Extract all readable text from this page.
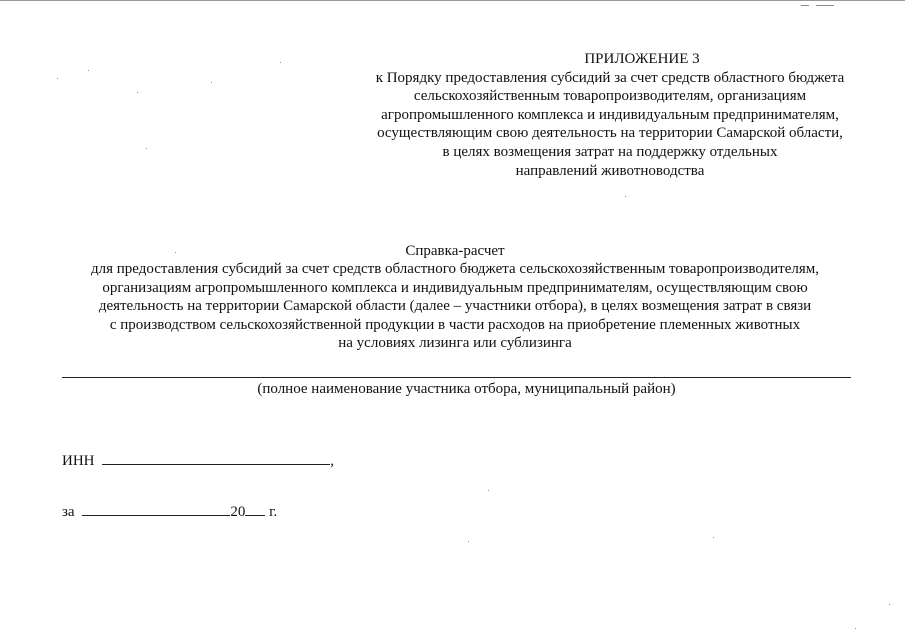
ПРИЛОЖЕНИЕ 3
к Порядку предоставления субсидий за счет средств областного бюджета
сельскохозяйственным товаропроизводителям, организациям
агропромышленного комплекса и индивидуальным предпринимателям,
осуществляющим свою деятельность на территории Самарской области,
в целях возмещения затрат на поддержку отдельных
направлений животноводства
Справка-расчет
для предоставления субсидий за счет средств областного бюджета сельскохозяйственным товаропроизводителям,
организациям агропромышленного комплекса и индивидуальным предпринимателям, осуществляющим свою
деятельность на территории Самарской области (далее – участники отбора), в целях возмещения затрат в связи
с производством сельскохозяйственной продукции в части расходов на приобретение племенных животных
на условиях лизинга или сублизинга
(полное наименование участника отбора, муниципальный район)
ИНН	,
за	20 г.
